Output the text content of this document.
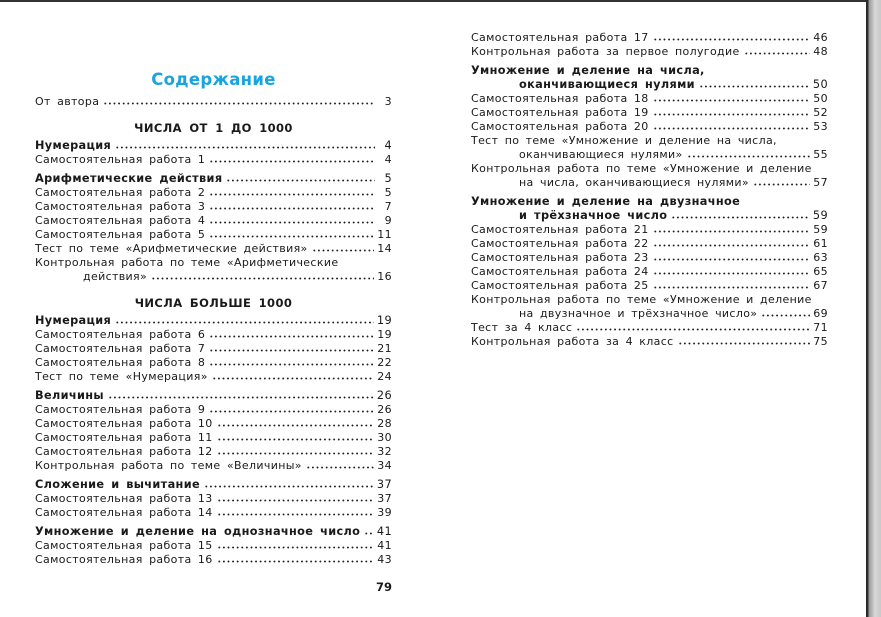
Содержание
От автора	3
ЧИСЛА ОТ 1 ДО 1000
Нумерация	4
Самостоятельная работа 1	4
Арифметические действия	5
Самостоятельная работа 2	5
Самостоятельная работа 3	7
Самостоятельная работа 4	9
Самостоятельная работа 5	11
Тест по теме «Арифметические действия»	14
Контрольная работа по теме «Арифметические
действия»	16
ЧИСЛА БОЛЬШЕ 1000
Нумерация	19
Самостоятельная работа 6	19
Самостоятельная работа 7	21
Самостоятельная работа 8	22
Тест по теме «Нумерация»	24
Величины	26
Самостоятельная работа 9	26
Самостоятельная работа 10	28
Самостоятельная работа 11	30
Самостоятельная работа 12	32
Контрольная работа по теме «Величины»	34
Сложение и вычитание	37
Самостоятельная работа 13	37
Самостоятельная работа 14	39
Умножение и деление на однозначное число 41
Самостоятельная работа 15	41
Самостоятельная работа 16	43
Самостоятельная работа 17	46
Контрольная работа за первое полугодие	48
Умножение и деление на числа,
оканчивающиеся нулями	50
Самостоятельная работа 18	50
Самостоятельная работа 19	52
Самостоятельная работа 20	53
Тест по теме «Умножение и деление на числа,
оканчивающиеся нулями»	55
Контрольная работа по теме «Умножение и деление
на числа, оканчивающиеся нулями»	57
Умножение и деление на двузначное
и трёхзначное число	59
Самостоятельная работа 21	59
Самостоятельная работа 22	61
Самостоятельная работа 23	63
Самостоятельная работа 24	65
Самостоятельная работа 25	67
Контрольная работа по теме «Умножение и деление
на двузначное и трёхзначное число»	69
Тест за 4 класс	71
Контрольная работа за 4 класс	75
79
